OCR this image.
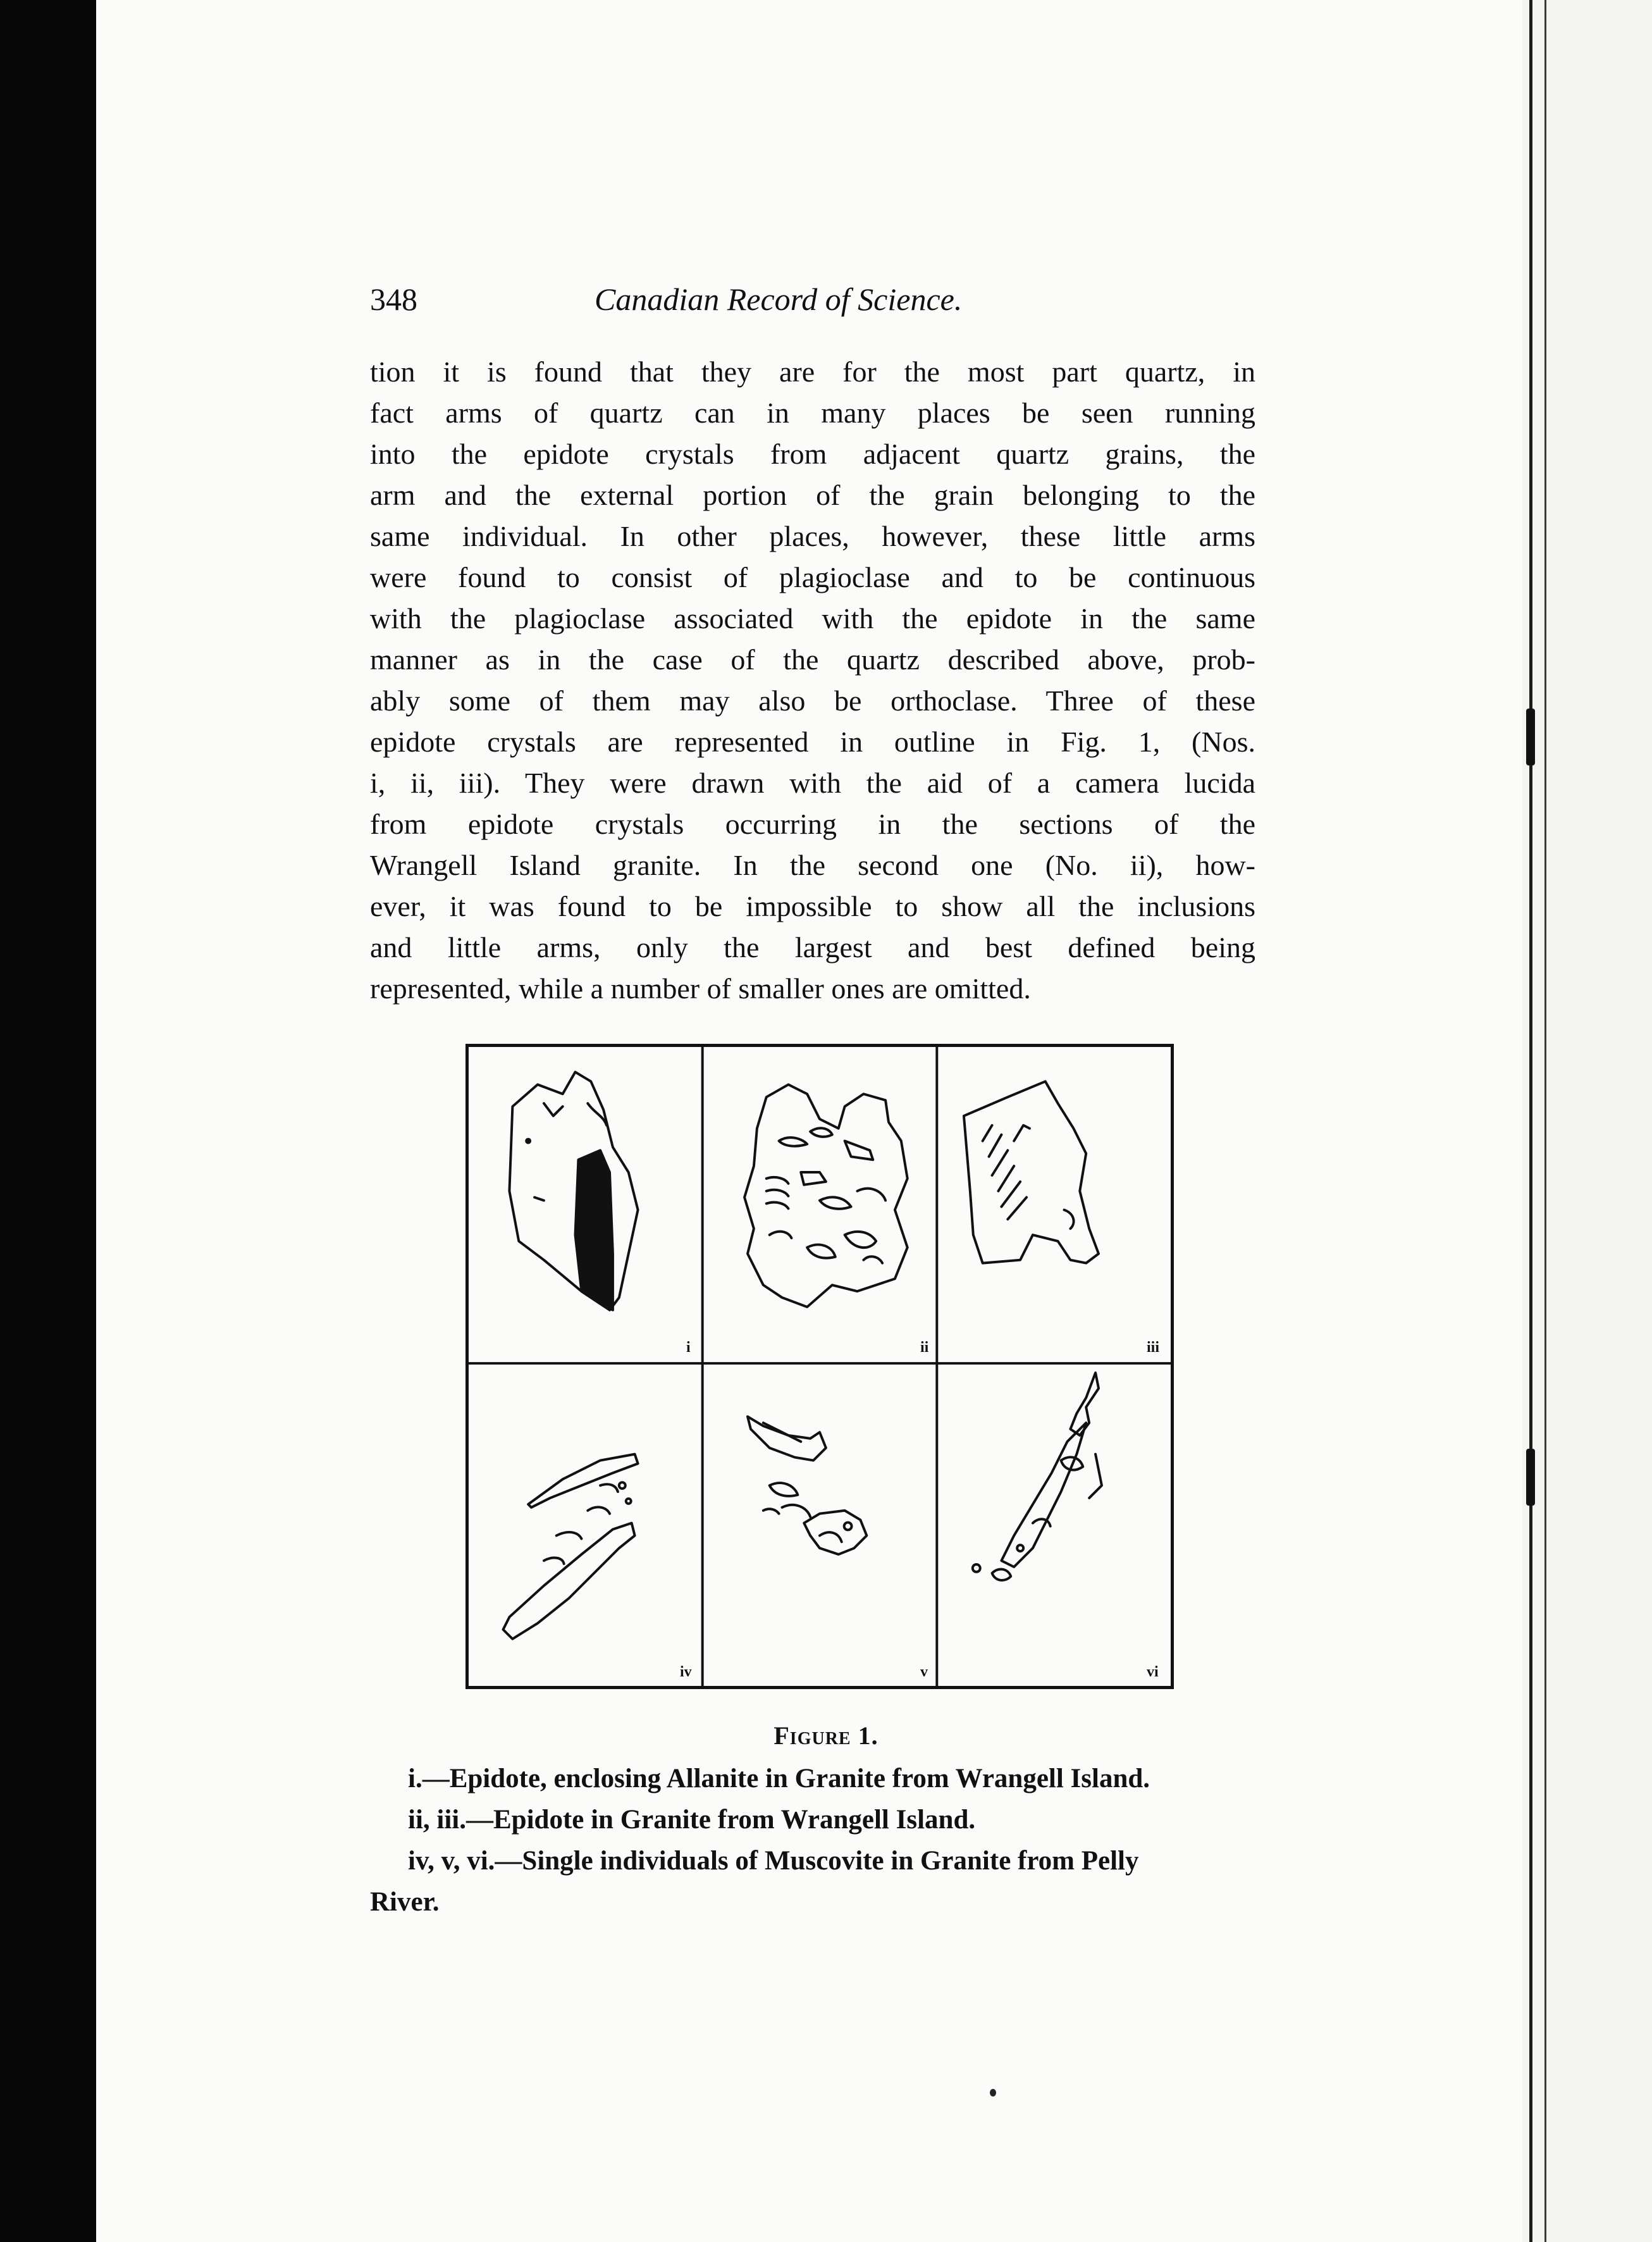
348	Canadian Record of Science.
tion it is found that they are for the most part quartz, in
fact arms of quartz can in many places be seen running
into the epidote crystals from adjacent quartz grains, the
arm and the external portion of the grain belonging to the
same individual. In other places, however, these little arms
were found to consist of plagioclase and to be continuous
with the plagioclase associated with the epidote in the same
manner as in the case of the quartz described above, prob-
ably some of them may also be orthoclase. Three of these
epidote crystals are represented in outline in Fig. 1, (Nos.
i, ii, iii). They were drawn with the aid of a camera lucida
from epidote crystals occurring in the sections of the
Wrangell Island granite. In the second one (No. ii), how-
ever, it was found to be impossible to show all the inclusions
and little arms, only the largest and best defined being
represented, while a number of smaller ones are omitted.
i	ii	iii
iv	v	vi
Figure 1.
i.—Epidote, enclosing Allanite in Granite from Wrangell Island.
ii, iii.—Epidote in Granite from Wrangell Island.
iv, v, vi.—Single individuals of Muscovite in Granite from Pelly
River.
